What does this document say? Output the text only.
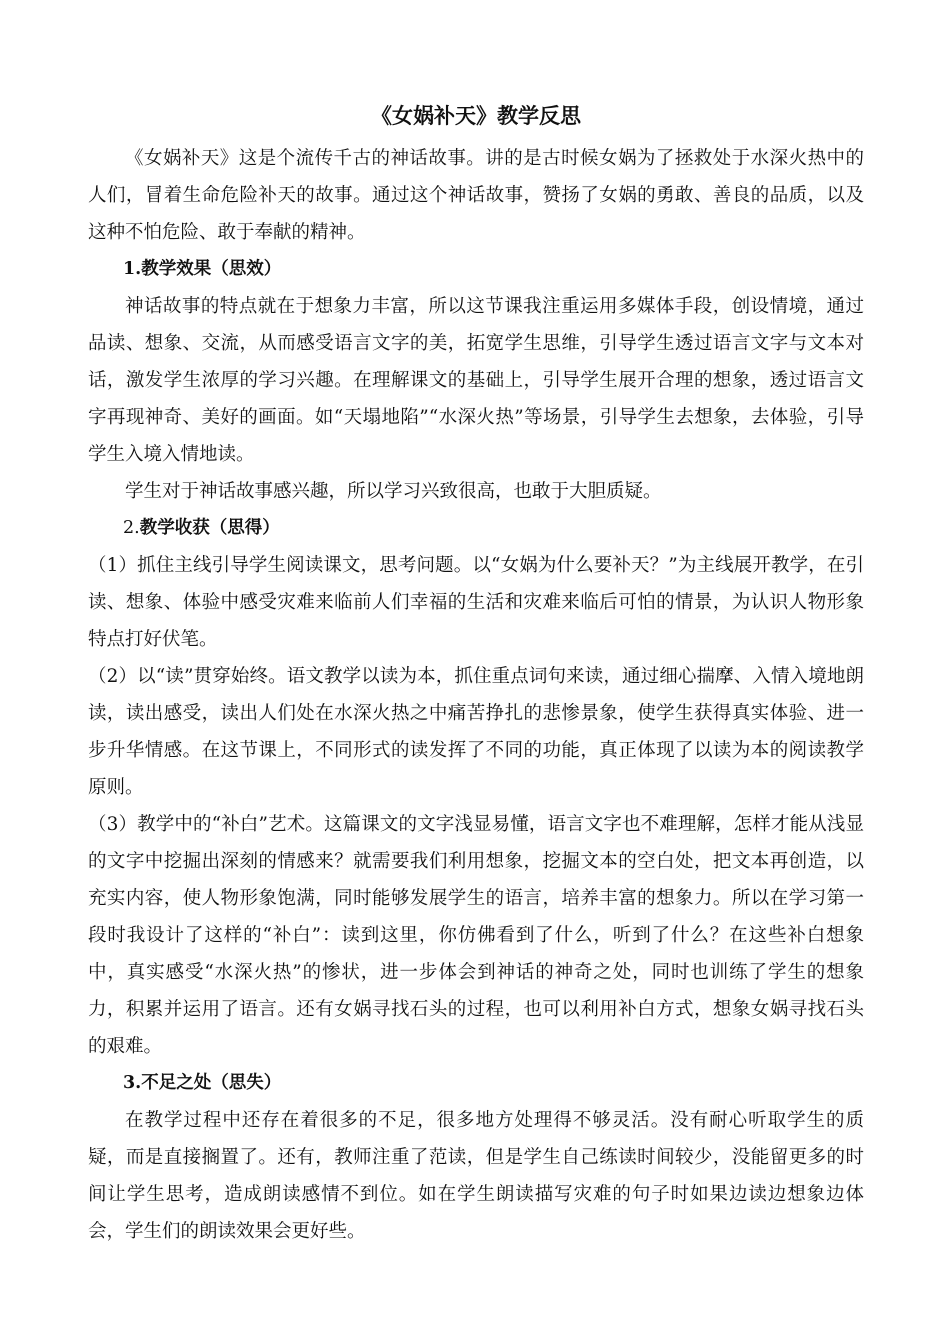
《女娲补天》教学反思

《女娲补天》这是个流传千古的神话故事。讲的是古时候女娲为了拯救处于水深火热中的人们，冒着生命危险补天的故事。通过这个神话故事，赞扬了女娲的勇敢、善良的品质，以及这种不怕危险、敢于奉献的精神。

1.教学效果（思效）

神话故事的特点就在于想象力丰富，所以这节课我注重运用多媒体手段，创设情境，通过品读、想象、交流，从而感受语言文字的美，拓宽学生思维，引导学生透过语言文字与文本对话，激发学生浓厚的学习兴趣。在理解课文的基础上，引导学生展开合理的想象，透过语言文字再现神奇、美好的画面。如“天塌地陷”“水深火热”等场景，引导学生去想象，去体验，引导学生入境入情地读。

学生对于神话故事感兴趣，所以学习兴致很高，也敢于大胆质疑。

2.教学收获（思得）

（1）抓住主线引导学生阅读课文，思考问题。以“女娲为什么要补天？”为主线展开教学，在引读、想象、体验中感受灾难来临前人们幸福的生活和灾难来临后可怕的情景，为认识人物形象特点打好伏笔。

（2）以“读”贯穿始终。语文教学以读为本，抓住重点词句来读，通过细心揣摩、入情入境地朗读，读出感受，读出人们处在水深火热之中痛苦挣扎的悲惨景象，使学生获得真实体验、进一步升华情感。在这节课上，不同形式的读发挥了不同的功能，真正体现了以读为本的阅读教学原则。

（3）教学中的“补白”艺术。这篇课文的文字浅显易懂，语言文字也不难理解，怎样才能从浅显的文字中挖掘出深刻的情感来？就需要我们利用想象，挖掘文本的空白处，把文本再创造，以充实内容，使人物形象饱满，同时能够发展学生的语言，培养丰富的想象力。所以在学习第一段时我设计了这样的“补白”：读到这里，你仿佛看到了什么，听到了什么？在这些补白想象中，真实感受“水深火热”的惨状，进一步体会到神话的神奇之处，同时也训练了学生的想象力，积累并运用了语言。还有女娲寻找石头的过程，也可以利用补白方式，想象女娲寻找石头的艰难。

3.不足之处（思失）

在教学过程中还存在着很多的不足，很多地方处理得不够灵活。没有耐心听取学生的质疑，而是直接搁置了。还有，教师注重了范读，但是学生自己练读时间较少，没能留更多的时间让学生思考，造成朗读感情不到位。如在学生朗读描写灾难的句子时如果边读边想象边体会，学生们的朗读效果会更好些。
